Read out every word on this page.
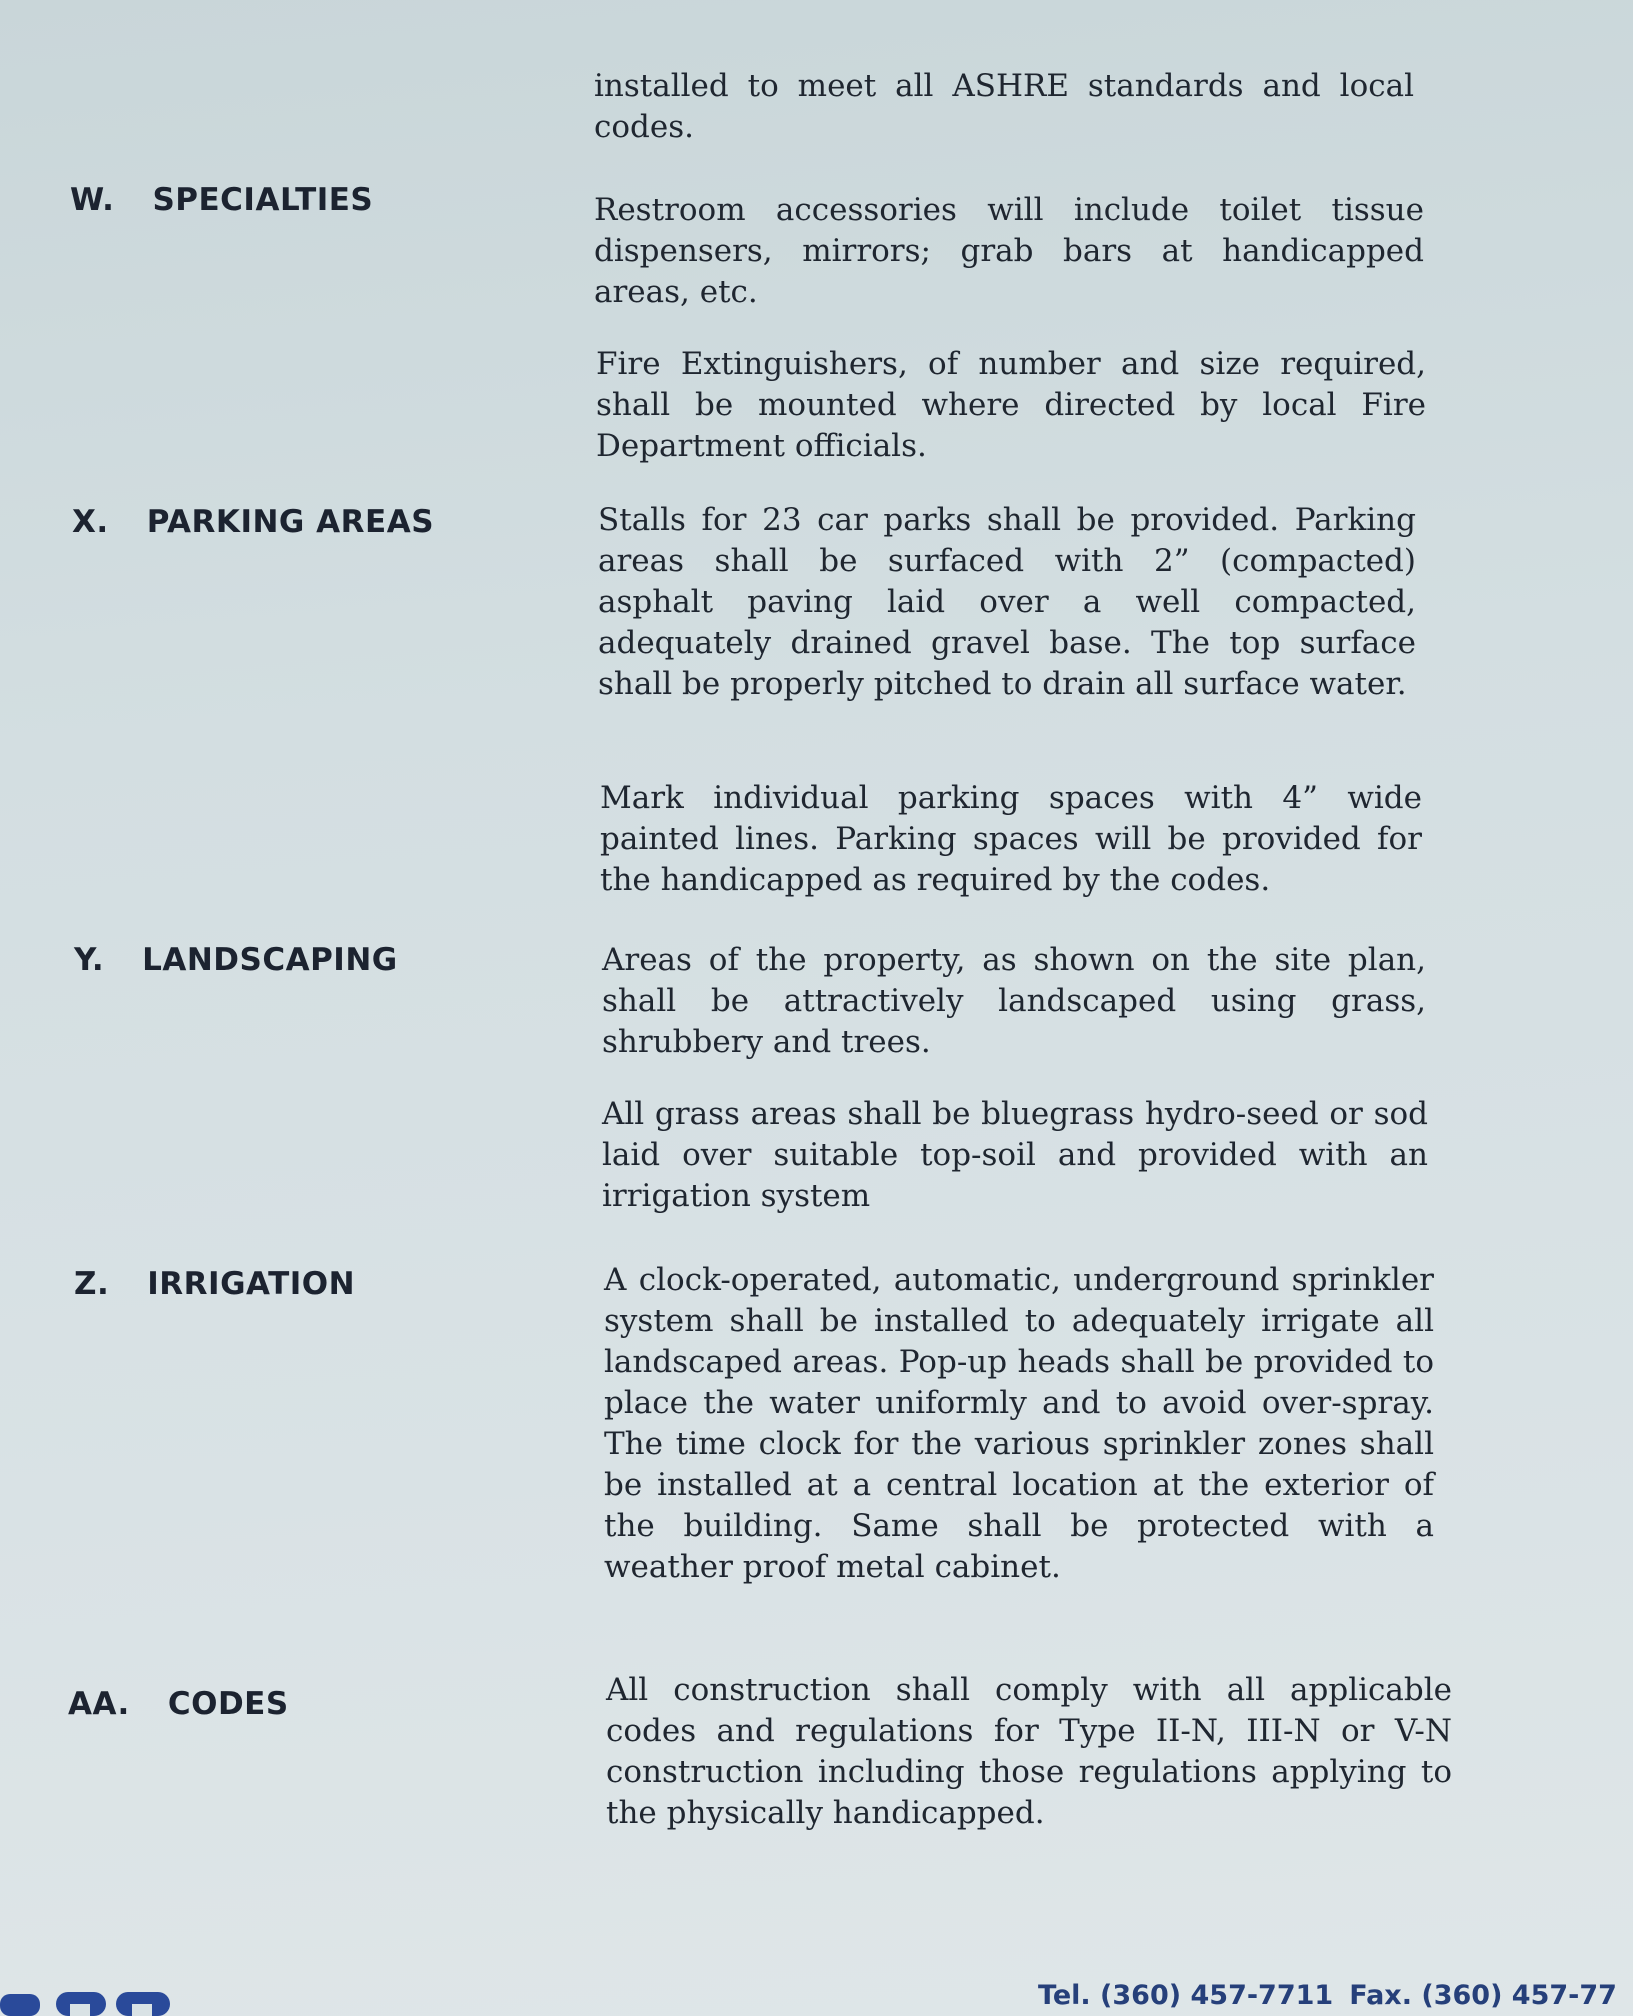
installed to meet all ASHRE standards and local codes.

W. SPECIALTIES	Restroom accessories will include toilet tissue dispensers, mirrors; grab bars at handicapped areas, etc.

Fire Extinguishers, of number and size required, shall be mounted where directed by local Fire Department officials.

X. PARKING AREAS	Stalls for 23 car parks shall be provided. Parking areas shall be surfaced with 2” (compacted) asphalt paving laid over a well compacted, adequately drained gravel base. The top surface shall be properly pitched to drain all surface water.

Mark individual parking spaces with 4” wide painted lines. Parking spaces will be provided for the handicapped as required by the codes.

Y. LANDSCAPING	Areas of the property, as shown on the site plan, shall be attractively landscaped using grass, shrubbery and trees.

All grass areas shall be bluegrass hydro-seed or sod laid over suitable top-soil and provided with an irrigation system

Z. IRRIGATION	A clock-operated, automatic, underground sprinkler system shall be installed to adequately irrigate all landscaped areas. Pop-up heads shall be provided to place the water uniformly and to avoid over-spray. The time clock for the various sprinkler zones shall be installed at a central location at the exterior of the building. Same shall be protected with a weather proof metal cabinet.

AA. CODES	All construction shall comply with all applicable codes and regulations for Type II-N, III-N or V-N construction including those regulations applying to the physically handicapped.

Tel. (360) 457-7711 Fax. (360) 457-77
